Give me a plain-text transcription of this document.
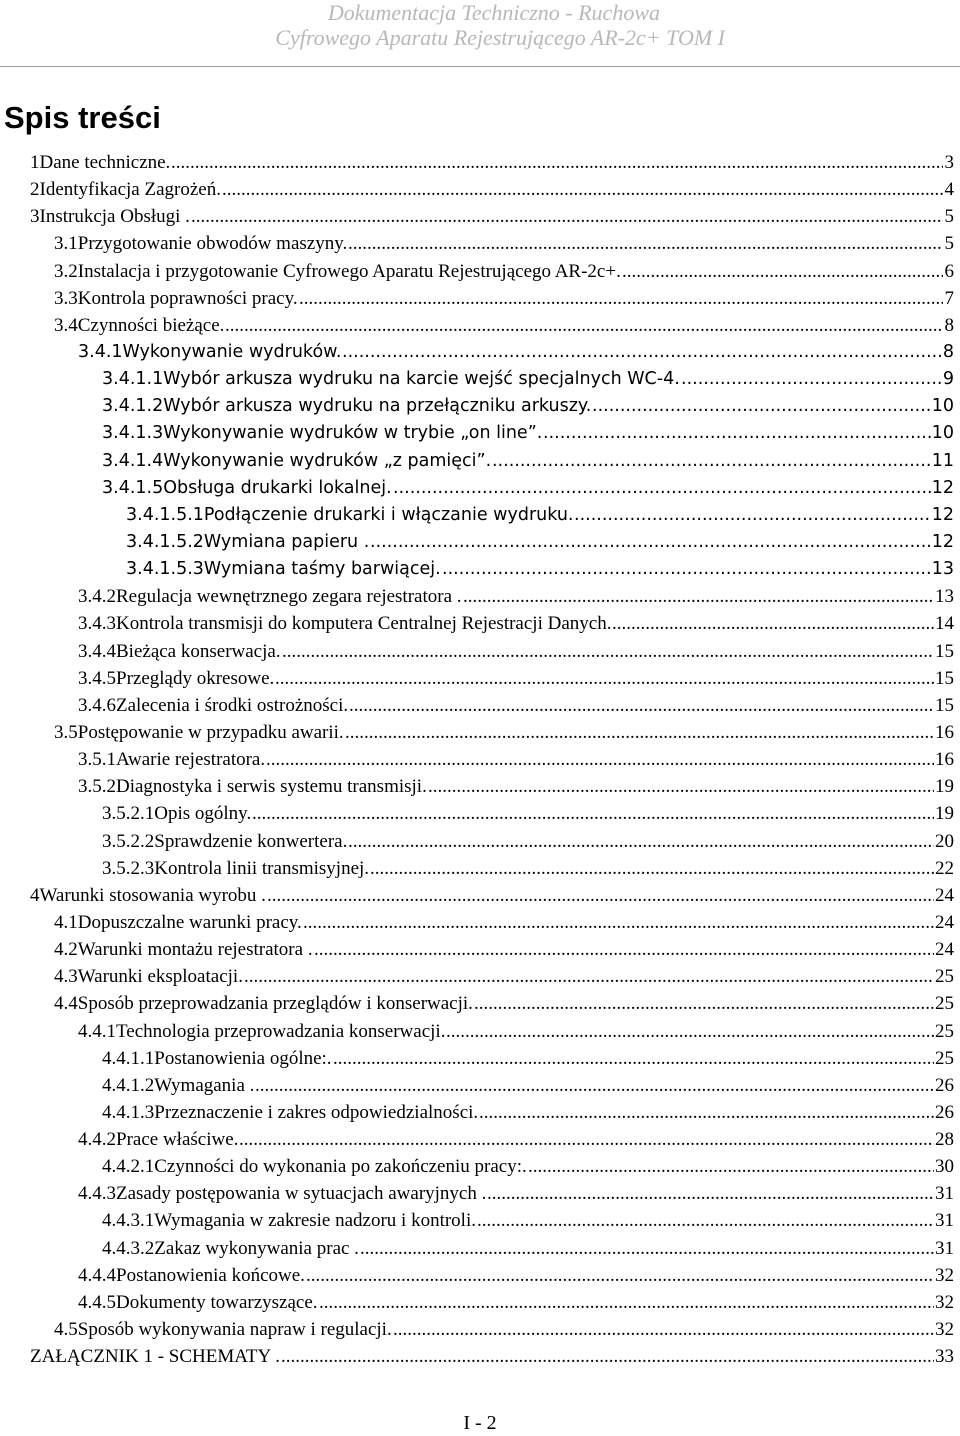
Dokumentacja Techniczno - Ruchowa
Cyfrowego Aparatu Rejestrującego AR-2c+ TOM I
Spis treści
.....
1Dane techniczne.	3
.....
2Identyfikacja Zagrożeń.	4
.....
3Instrukcja Obsługi .	5
.....
3.1Przygotowanie obwodów maszyny.	5
.....
3.2Instalacja i przygotowanie Cyfrowego Aparatu Rejestrującego AR-2c+.	6
.....
3.3Kontrola poprawności pracy.	7
.....
3.4Czynności bieżące.	8
.....
3.4.1Wykonywanie wydruków.	8
.....
3.4.1.1Wybór arkusza wydruku na karcie wejść specjalnych WC-4.	9
.....
3.4.1.2Wybór arkusza wydruku na przełączniku arkuszy.	10
.....
3.4.1.3Wykonywanie wydruków w trybie „on line”.	10
.....
3.4.1.4Wykonywanie wydruków „z pamięci”.	11
.....
3.4.1.5Obsługa drukarki lokalnej.	12
.....
3.4.1.5.1Podłączenie drukarki i włączanie wydruku.	12
.....
3.4.1.5.2Wymiana papieru .	12
.....
3.4.1.5.3Wymiana taśmy barwiącej.	13
.....
3.4.2Regulacja wewnętrznego zegara rejestratora .	13
.....
3.4.3Kontrola transmisji do komputera Centralnej Rejestracji Danych.	14
.....
3.4.4Bieżąca konserwacja.	15
.....
3.4.5Przeglądy okresowe.	15
.....
3.4.6Zalecenia i środki ostrożności.	15
.....
3.5Postępowanie w przypadku awarii.	16
.....
3.5.1Awarie rejestratora.	16
.....
3.5.2Diagnostyka i serwis systemu transmisji.	19
.....
3.5.2.1Opis ogólny.	19
.....
3.5.2.2Sprawdzenie konwertera.	20
.....
3.5.2.3Kontrola linii transmisyjnej.	22
.....
4Warunki stosowania wyrobu .	24
.....
4.1Dopuszczalne warunki pracy.	24
.....
4.2Warunki montażu rejestratora .	24
.....
4.3Warunki eksploatacji.	25
.....
4.4Sposób przeprowadzania przeglądów i konserwacji.	25
.....
4.4.1Technologia przeprowadzania konserwacji.	25
.....
4.4.1.1Postanowienia ogólne:.	25
.....
4.4.1.2Wymagania .	26
.....
4.4.1.3Przeznaczenie i zakres odpowiedzialności.	26
.....
4.4.2Prace właściwe.	28
.....
4.4.2.1Czynności do wykonania po zakończeniu pracy:.	30
.....
4.4.3Zasady postępowania w sytuacjach awaryjnych .	31
.....
4.4.3.1Wymagania w zakresie nadzoru i kontroli.	31
.....
4.4.3.2Zakaz wykonywania prac .	31
.....
4.4.4Postanowienia końcowe.	32
.....
4.4.5Dokumenty towarzyszące.	32
.....
4.5Sposób wykonywania napraw i regulacji.	32
.....
ZAŁĄCZNIK 1 - SCHEMATY .	33
I - 2
